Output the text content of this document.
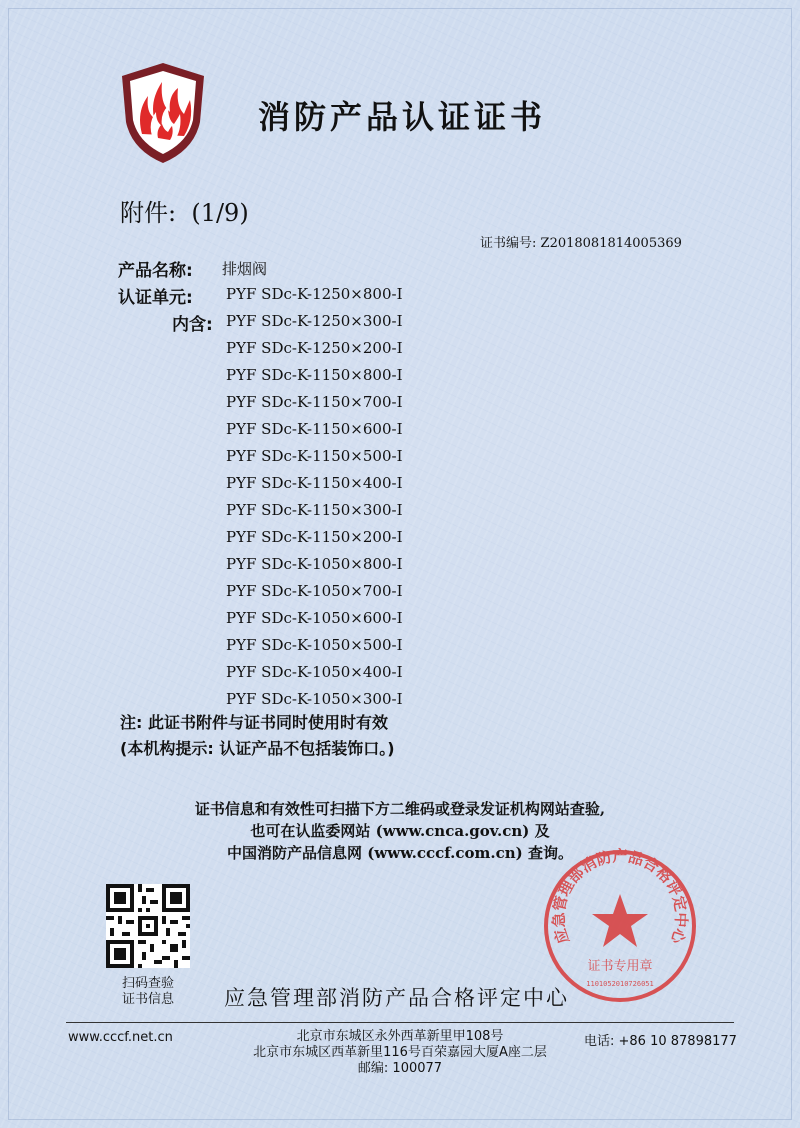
消防产品认证证书
附件:  (1/9)
证书编号: Z2018081814005369
产品名称: 排烟阀
认证单元: PYF SDc-K-1250×800-I
内含: PYF SDc-K-1250×300-I
PYF SDc-K-1250×200-I
PYF SDc-K-1150×800-I
PYF SDc-K-1150×700-I
PYF SDc-K-1150×600-I
PYF SDc-K-1150×500-I
PYF SDc-K-1150×400-I
PYF SDc-K-1150×300-I
PYF SDc-K-1150×200-I
PYF SDc-K-1050×800-I
PYF SDc-K-1050×700-I
PYF SDc-K-1050×600-I
PYF SDc-K-1050×500-I
PYF SDc-K-1050×400-I
PYF SDc-K-1050×300-I
注: 此证书附件与证书同时使用时有效
(本机构提示: 认证产品不包括装饰口。)
证书信息和有效性可扫描下方二维码或登录发证机构网站查验,
也可在认监委网站 (www.cnca.gov.cn) 及
中国消防产品信息网 (www.cccf.com.cn) 查询。
扫码查验
证书信息 应急管理部消防产品合格评定中心
应急管理部消防产品合格评定中心
证书专用章
1101052010726051
www.cccf.net.cn	北京市东城区永外西革新里甲108号	电话: +86 10 87898177
北京市东城区西革新里116号百荣嘉园大厦A座二层
邮编: 100077
